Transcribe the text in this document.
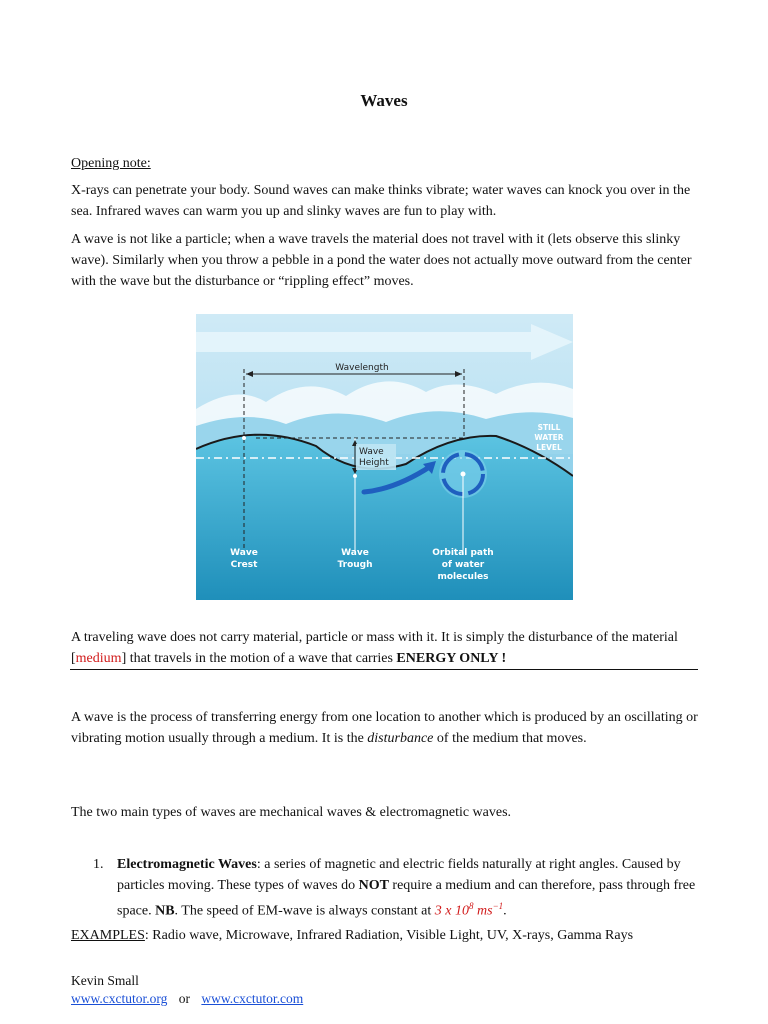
Waves
Opening note:

X-rays can penetrate your body. Sound waves can make thinks vibrate; water waves can knock you over in the sea. Infrared waves can warm you up and slinky waves are fun to play with.

A wave is not like a particle; when a wave travels the material does not travel with it (lets observe this slinky wave). Similarly when you throw a pebble in a pond the water does not actually move outward from the center with the wave but the disturbance or “rippling effect” moves.

Wavelength
Wave
Height
STILL
WATER
LEVEL
Wave
Crest
Wave
Trough
Orbital path
of water
molecules

A traveling wave does not carry material, particle or mass with it. It is simply the disturbance of the material [medium] that travels in the motion of a wave that carries ENERGY ONLY !

A wave is the process of transferring energy from one location to another which is produced by an oscillating or vibrating motion usually through a medium. It is the disturbance of the medium that moves.

The two main types of waves are mechanical waves & electromagnetic waves.

1. Electromagnetic Waves: a series of magnetic and electric fields naturally at right angles. Caused by particles moving. These types of waves do NOT require a medium and can therefore, pass through free space. NB. The speed of EM-wave is always constant at 3 x $10^8$ $ms^{-1}$.

EXAMPLES: Radio wave, Microwave, Infrared Radiation, Visible Light, UV, X-rays, Gamma Rays

Kevin Small
www.cxctutor.org or www.cxctutor.com
